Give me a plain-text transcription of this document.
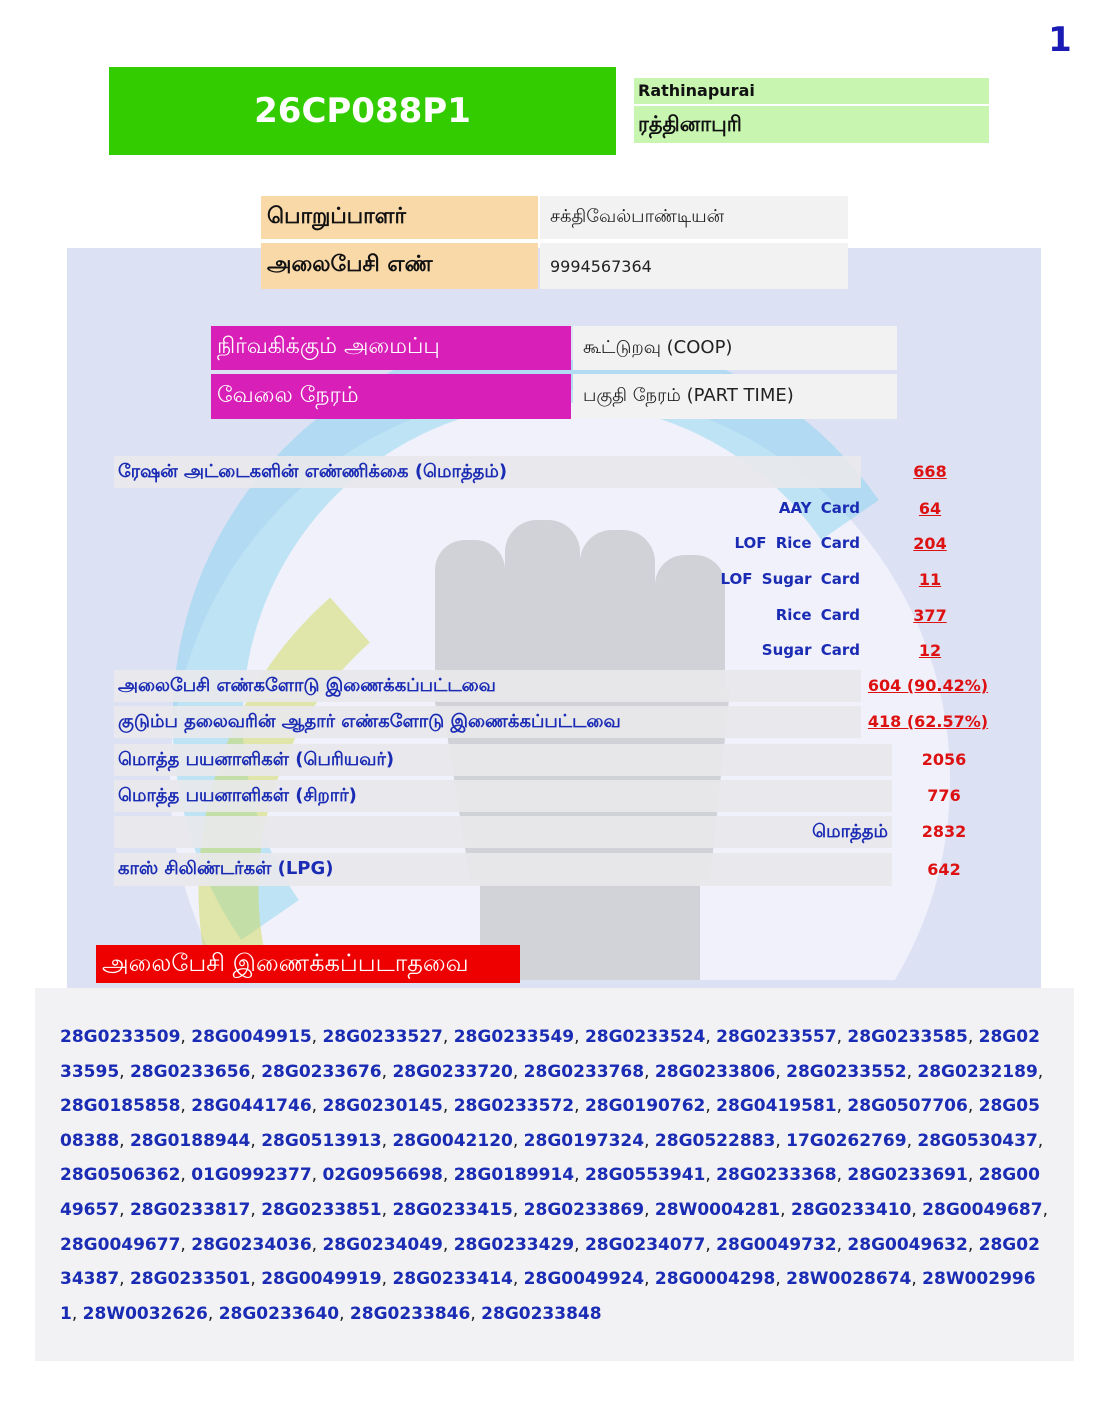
1
26CP088P1
Rathinapurai
ரத்தினாபுரி
பொறுப்பாளர்	சக்திவேல்பாண்டியன்
அலைபேசி எண்	9994567364
நிர்வகிக்கும் அமைப்பு	கூட்டுறவு (COOP)
வேலை நேரம்	பகுதி நேரம் (PART TIME)
ரேஷன் அட்டைகளின் எண்ணிக்கை (மொத்தம்)	668
AAY Card	64
LOF Rice Card	204
LOF Sugar Card	11
Rice Card	377
Sugar Card	12
அலைபேசி எண்களோடு இணைக்கப்பட்டவை	604 (90.42%)
குடும்ப தலைவரின் ஆதார் எண்களோடு இணைக்கப்பட்டவை	418 (62.57%)
மொத்த பயனாளிகள் (பெரியவர்)	2056
மொத்த பயனாளிகள் (சிறார்)	776
மொத்தம்	2832
காஸ் சிலிண்டர்கள் (LPG)	642
அலைபேசி இணைக்கப்படாதவை
28G0233509, 28G0049915, 28G0233527, 28G0233549, 28G0233524, 28G0233557, 28G0233585, 28G0233595, 28G0233656, 28G0233676, 28G0233720, 28G0233768, 28G0233806, 28G0233552, 28G0232189, 28G0185858, 28G0441746, 28G0230145, 28G0233572, 28G0190762, 28G0419581, 28G0507706, 28G0508388, 28G0188944, 28G0513913, 28G0042120, 28G0197324, 28G0522883, 17G0262769, 28G0530437, 28G0506362, 01G0992377, 02G0956698, 28G0189914, 28G0553941, 28G0233368, 28G0233691, 28G0049657, 28G0233817, 28G0233851, 28G0233415, 28G0233869, 28W0004281, 28G0233410, 28G0049687, 28G0049677, 28G0234036, 28G0234049, 28G0233429, 28G0234077, 28G0049732, 28G0049632, 28G0234387, 28G0233501, 28G0049919, 28G0233414, 28G0049924, 28G0004298, 28W0028674, 28W0029961, 28W0032626, 28G0233640, 28G0233846, 28G0233848
